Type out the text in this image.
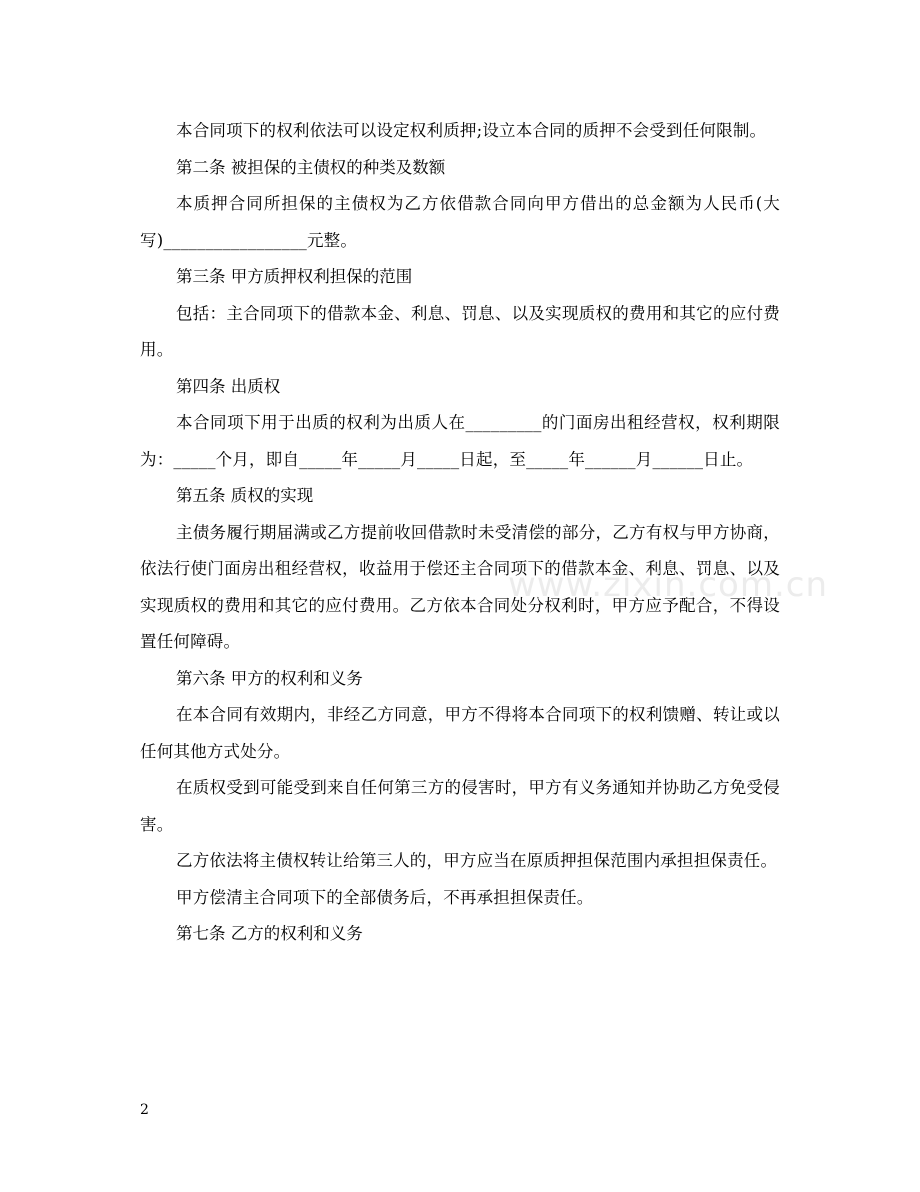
本合同项下的权利依法可以设定权利质押;设立本合同的质押不会受到任何限制。

第二条 被担保的主债权的种类及数额

本质押合同所担保的主债权为乙方依借款合同向甲方借出的总金额为人民币(大写)_________________元整。

第三条 甲方质押权利担保的范围

包括：主合同项下的借款本金、利息、罚息、以及实现质权的费用和其它的应付费用。

第四条 出质权

本合同项下用于出质的权利为出质人在_________的门面房出租经营权，权利期限为：_____个月，即自_____年_____月_____日起，至_____年______月______日止。

第五条 质权的实现

主债务履行期届满或乙方提前收回借款时未受清偿的部分，乙方有权与甲方协商，依法行使门面房出租经营权，收益用于偿还主合同项下的借款本金、利息、罚息、以及实现质权的费用和其它的应付费用。乙方依本合同处分权利时，甲方应予配合，不得设置任何障碍。

第六条 甲方的权利和义务

在本合同有效期内，非经乙方同意，甲方不得将本合同项下的权利馈赠、转让或以任何其他方式处分。

在质权受到可能受到来自任何第三方的侵害时，甲方有义务通知并协助乙方免受侵害。

乙方依法将主债权转让给第三人的，甲方应当在原质押担保范围内承担担保责任。

甲方偿清主合同项下的全部债务后，不再承担担保责任。

第七条 乙方的权利和义务

www.zixin.com.cn
2
